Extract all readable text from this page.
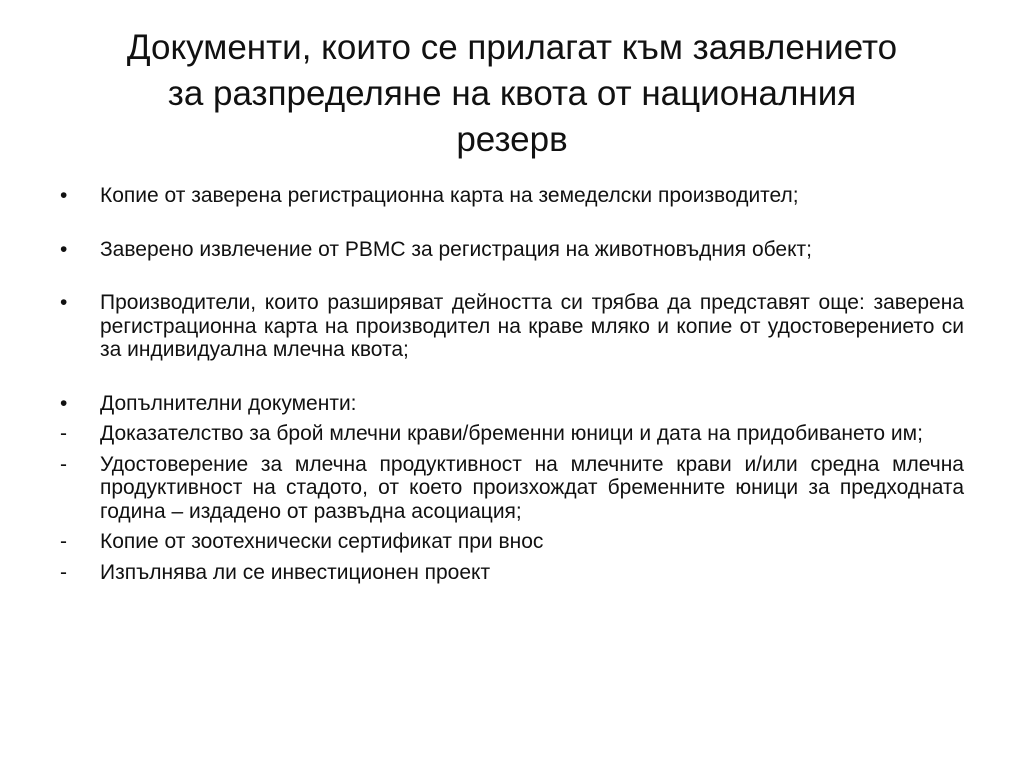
Документи, които се прилагат към заявлението
за разпределяне на квота от националния
резерв
•	Копие от заверена регистрационна карта на земеделски производител;
•	Заверено извлечение от РВМС за регистрация на животновъдния обект;
•	Производители, които разширяват дейността си трябва да представят още: заверена регистрационна карта на производител на краве мляко и копие от удостоверението си за индивидуална млечна квота;
•	Допълнителни документи:
-	Доказателство за брой млечни крави/бременни юници и дата на придобиването им;
-	Удостоверение за млечна продуктивност на млечните крави и/или средна млечна продуктивност на стадото, от което произхождат бременните юници за предходната година – издадено от развъдна асоциация;
-	Копие от зоотехнически сертификат при внос
-	Изпълнява ли се инвестиционен проект
